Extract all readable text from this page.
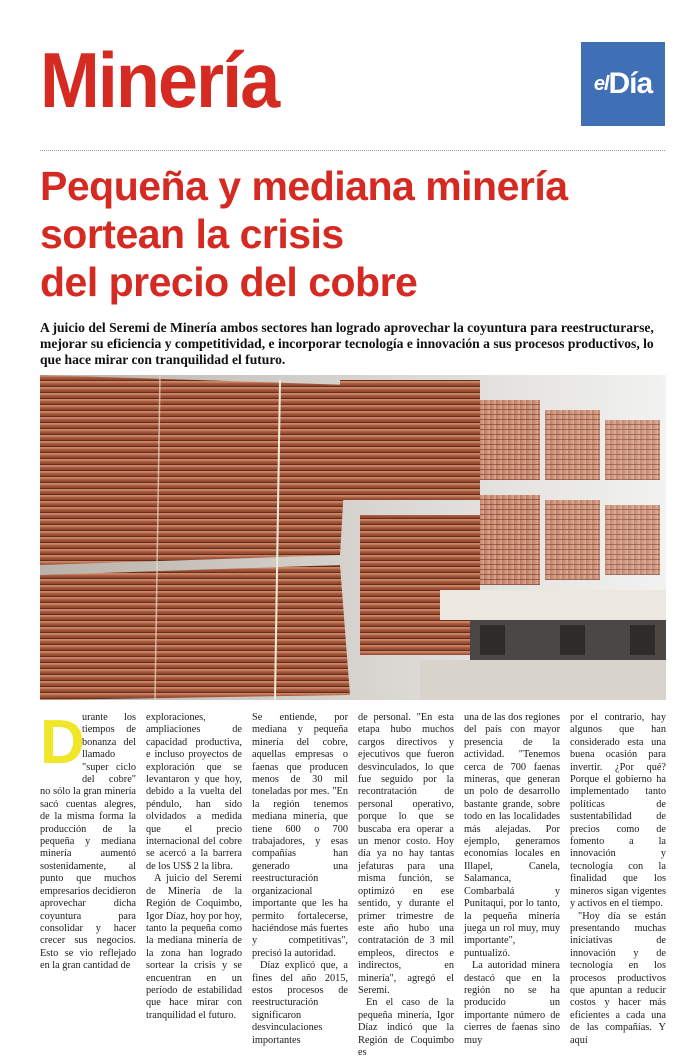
Minería	el Día
Pequeña y mediana minería
sortean la crisis
del precio del cobre
A juicio del Seremi de Minería ambos sectores han logrado aprovechar la coyuntura para reestructurarse, mejorar su eficiencia y competitividad, e incorporar tecnología e innovación a sus procesos productivos, lo que hace mirar con tranquilidad el futuro.
D

urante los tiempos de bonanza del llamado "super ciclo del cobre" no sólo la gran minería sacó cuentas alegres, de la misma forma la producción de la pequeña y mediana minería aumentó sostenidamente, al punto que muchos empresarios decidieron aprovechar dicha coyuntura para consolidar y hacer crecer sus negocios. Esto se vio reflejado en la gran cantidad de

exploraciones, ampliaciones de capacidad productiva, e incluso proyectos de exploración que se levantaron y que hoy, debido a la vuelta del péndulo, han sido olvidados a medida que el precio internacional del cobre se acercó a la barrera de los US$ 2 la libra.

A juicio del Seremi de Minería de la Región de Coquimbo, Igor Díaz, hoy por hoy, tanto la pequeña como la mediana minería de la zona han logrado sortear la crisis y se encuentran en un período de estabilidad que hace mirar con tranquilidad el futuro.

Se entiende, por mediana y pequeña minería del cobre, aquellas empresas o faenas que producen menos de 30 mil toneladas por mes. "En la región tenemos mediana minería, que tiene 600 o 700 trabajadores, y esas compañías han generado una reestructuración organizacional importante que les ha permito fortalecerse, haciéndose más fuertes y competitivas", precisó la autoridad.

Díaz explicó que, a fines del año 2015, estos procesos de reestructuración significaron desvinculaciones importantes

de personal. "En esta etapa hubo muchos cargos directivos y ejecutivos que fueron desvinculados, lo que fue seguido por la recontratación de personal operativo, porque lo que se buscaba era operar a un menor costo. Hoy día ya no hay tantas jefaturas para una misma función, se optimizó en ese sentido, y durante el primer trimestre de este año hubo una contratación de 3 mil empleos, directos e indirectos, en minería", agregó el Seremi.

En el caso de la pequeña minería, Igor Díaz indicó que la Región de Coquimbo es

una de las dos regiones del país con mayor presencia de la actividad. "Tenemos cerca de 700 faenas mineras, que generan un polo de desarrollo bastante grande, sobre todo en las localidades más alejadas. Por ejemplo, generamos economías locales en Illapel, Canela, Salamanca, Combarbalá y Punitaqui, por lo tanto, la pequeña minería juega un rol muy, muy importante", puntualizó.

La autoridad minera destacó que en la región no se ha producido un importante número de cierres de faenas sino muy

por el contrario, hay algunos que han considerado esta una buena ocasión para invertir. ¿Por qué? Porque el gobierno ha implementado tanto políticas de sustentabilidad de precios como de fomento a la innovación y tecnología con la finalidad que los mineros sigan vigentes y activos en el tiempo.

"Hoy día se están presentando muchas iniciativas de innovación y de tecnología en los procesos productivos que apuntan a reducir costos y hacer más eficientes a cada una de las compañías. Y aquí
